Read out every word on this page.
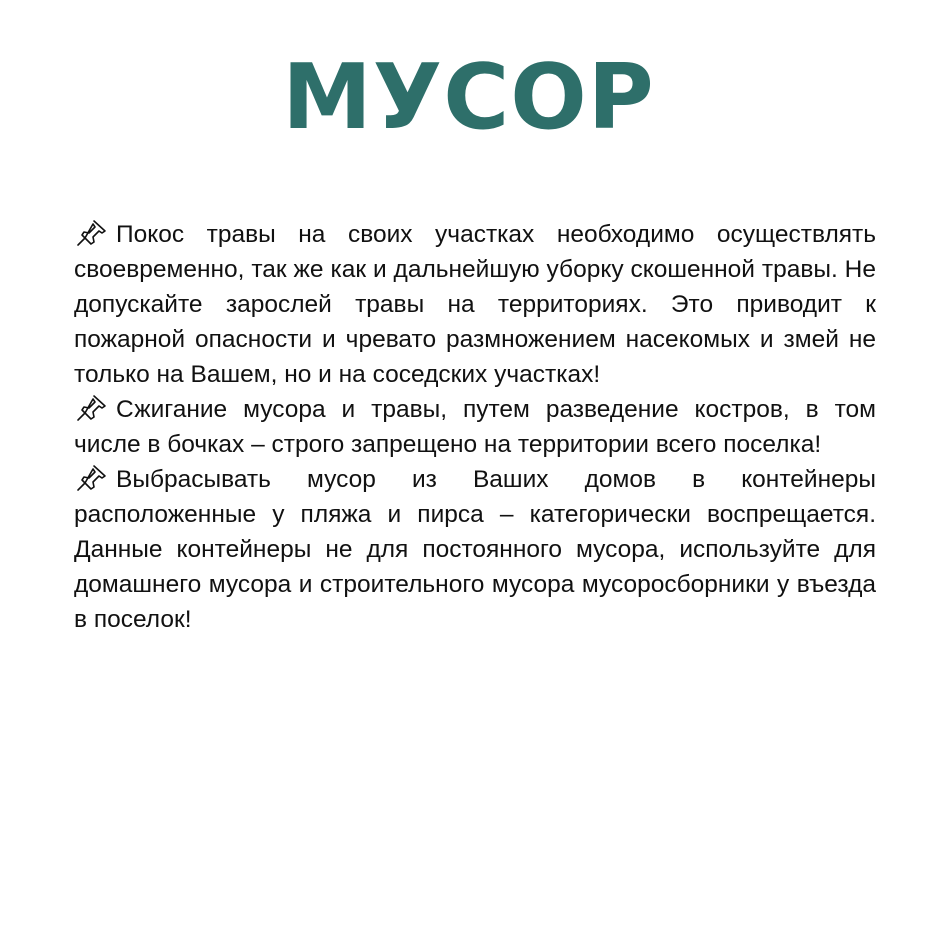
МУСОР

Покос травы на своих участках необходимо осуществлять своевременно, так же как и дальнейшую уборку скошенной травы. Не допускайте зарослей травы на территориях. Это приводит к пожарной опасности и чревато размножением насекомых и змей не только на Вашем, но и на соседских участках!

Сжигание мусора и травы, путем разведение костров, в том числе в бочках – строго запрещено на территории всего поселка!

Выбрасывать мусор из Ваших домов в контейнеры расположенные у пляжа и пирса – категорически воспрещается. Данные контейнеры не для постоянного мусора, используйте для домашнего мусора и строительного мусора мусоросборники у въезда в поселок!
